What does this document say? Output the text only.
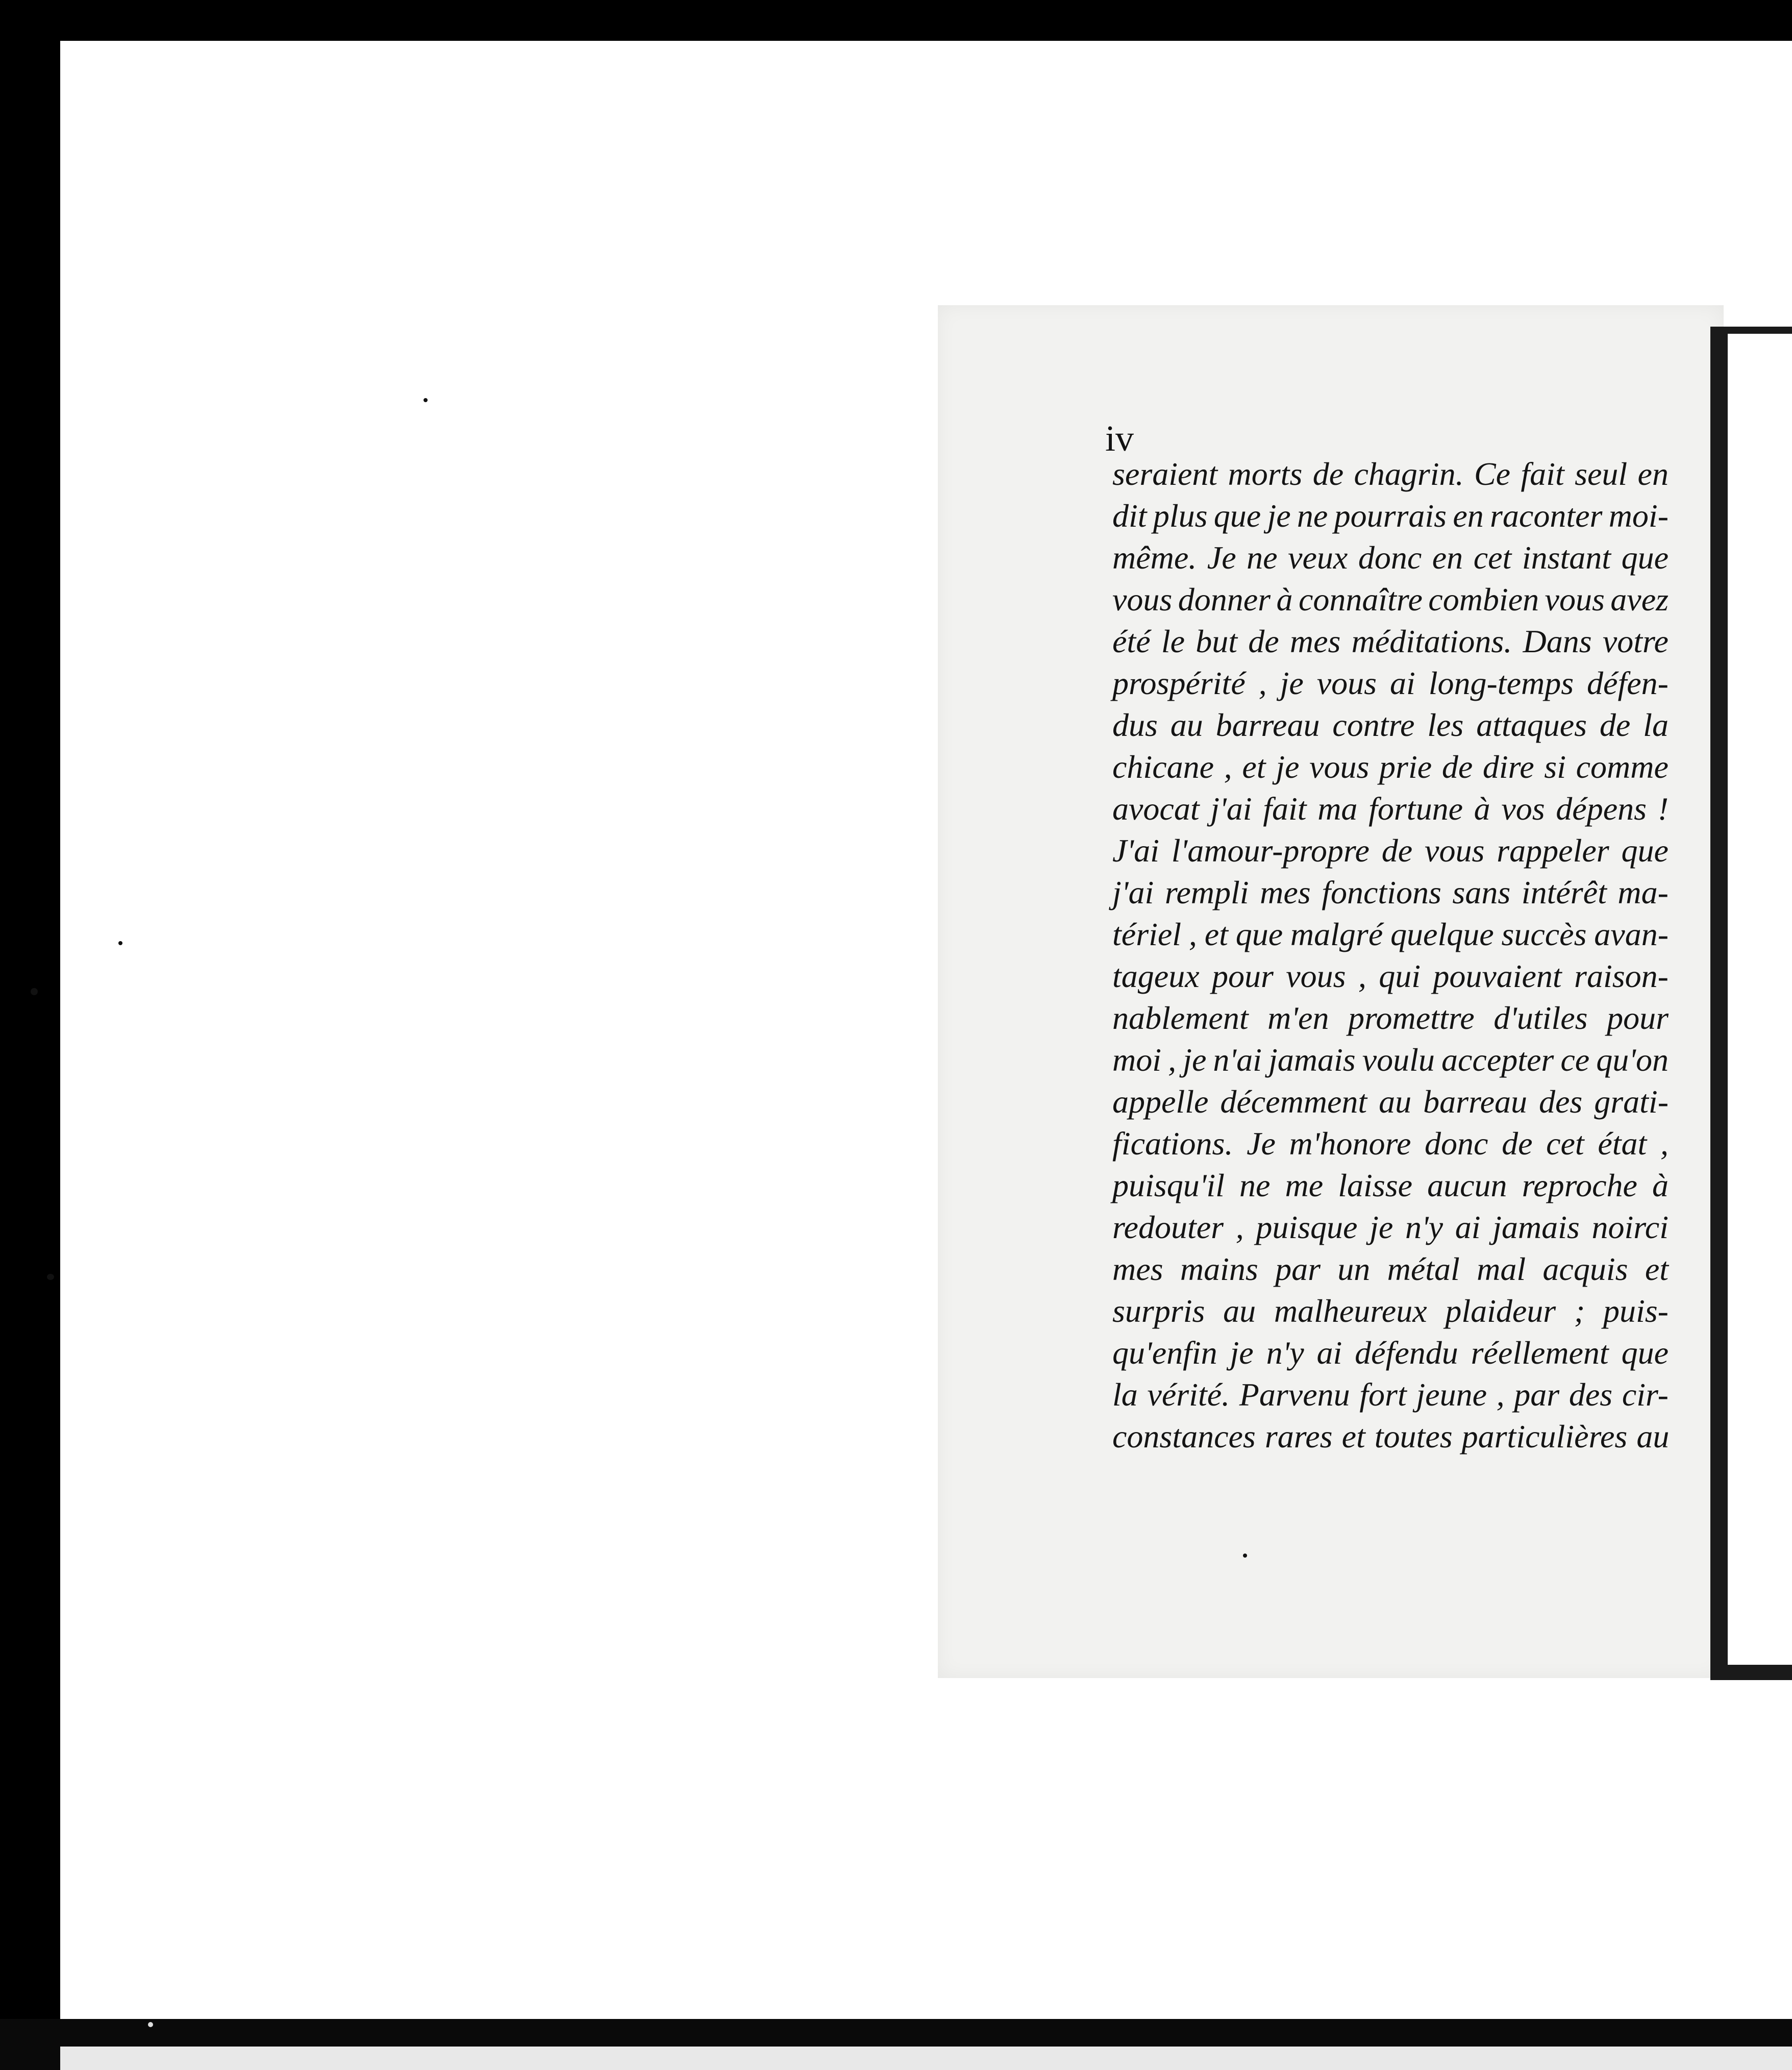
iv

seraient morts de chagrin. Ce fait seul en
dit plus que je ne pourrais en raconter moi-
même. Je ne veux donc en cet instant que
vous donner à connaître combien vous avez
été le but de mes méditations. Dans votre
prospérité , je vous ai long-temps défen-
dus au barreau contre les attaques de la
chicane , et je vous prie de dire si comme
avocat j'ai fait ma fortune à vos dépens !
J'ai l'amour-propre de vous rappeler que
j'ai rempli mes fonctions sans intérêt ma-
tériel , et que malgré quelque succès avan-
tageux pour vous , qui pouvaient raison-
nablement m'en promettre d'utiles pour
moi , je n'ai jamais voulu accepter ce qu'on
appelle décemment au barreau des grati-
fications. Je m'honore donc de cet état ,
puisqu'il ne me laisse aucun reproche à
redouter , puisque je n'y ai jamais noirci
mes mains par un métal mal acquis et
surpris au malheureux plaideur ; puis-
qu'enfin je n'y ai défendu réellement que
la vérité. Parvenu fort jeune , par des cir-
constances rares et toutes particulières au
